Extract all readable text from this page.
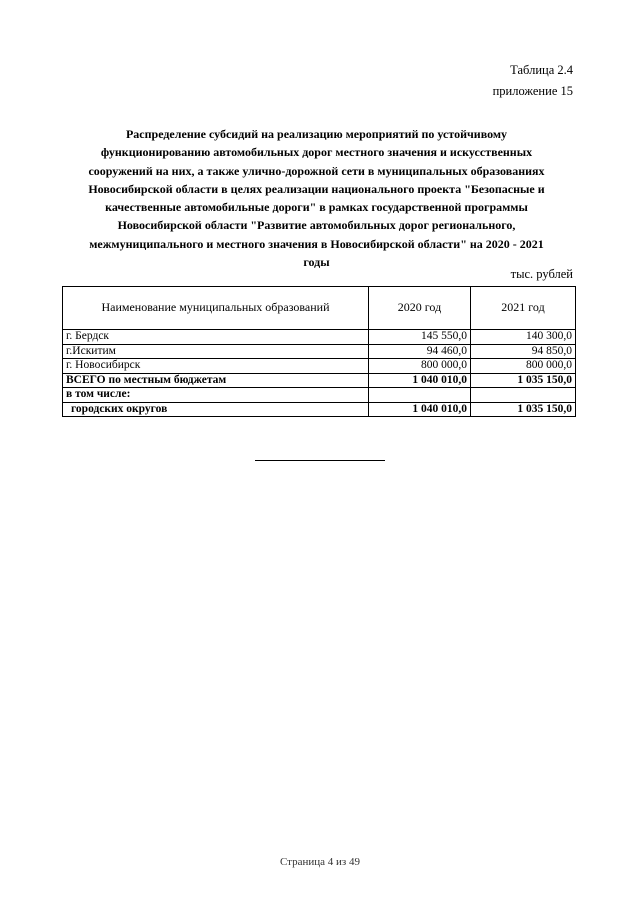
Таблица 2.4
приложение 15
Распределение субсидий на реализацию мероприятий по устойчивому
функционированию автомобильных дорог местного значения и искусственных
сооружений на них, а также улично-дорожной сети в муниципальных образованиях
Новосибирской области в целях реализации национального проекта "Безопасные и
качественные автомобильные дороги" в рамках государственной программы
Новосибирской области "Развитие автомобильных дорог регионального,
межмуниципального и местного значения в Новосибирской области" на 2020 - 2021
годы
тыс. рублей
Наименование муниципальных образований	2020 год	2021 год
г. Бердск	145 550,0	140 300,0
г.Искитим	94 460,0	94 850,0
г. Новосибирск	800 000,0	800 000,0
ВСЕГО по местным бюджетам	1 040 010,0	1 035 150,0
в том числе:		
городских округов	1 040 010,0	1 035 150,0
Страница 4 из 49
